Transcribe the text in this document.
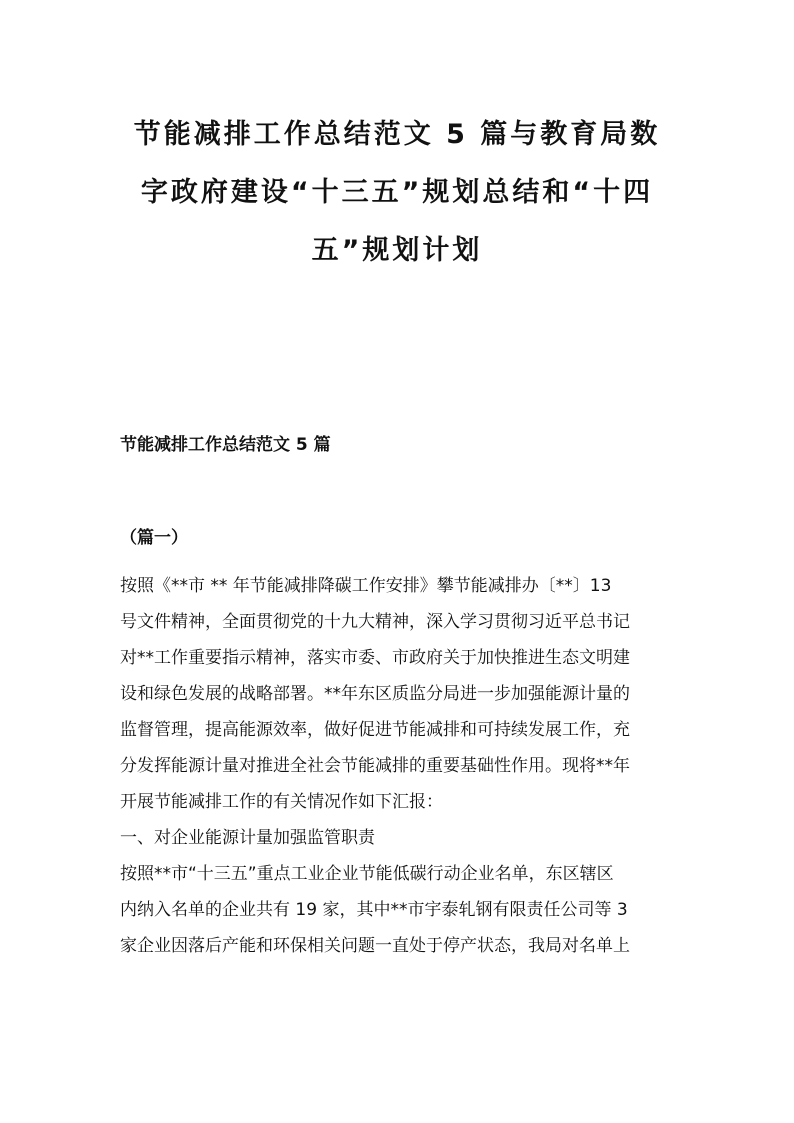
节能减排工作总结范文 5 篇与教育局数
字政府建设“十三五”规划总结和“十四
五”规划计划
节能减排工作总结范文 5 篇
（篇一）
按照《**市 ** 年节能减排降碳工作安排》攀节能减排办〔**〕13
号文件精神，全面贯彻党的十九大精神，深入学习贯彻习近平总书记
对**工作重要指示精神，落实市委、市政府关于加快推进生态文明建
设和绿色发展的战略部署。**年东区质监分局进一步加强能源计量的
监督管理，提高能源效率，做好促进节能减排和可持续发展工作，充
分发挥能源计量对推进全社会节能减排的重要基础性作用。现将**年
开展节能减排工作的有关情况作如下汇报：
一、对企业能源计量加强监管职责
按照**市“十三五”重点工业企业节能低碳行动企业名单，东区辖区
内纳入名单的企业共有 19 家，其中**市宇泰轧钢有限责任公司等 3
家企业因落后产能和环保相关问题一直处于停产状态，我局对名单上
